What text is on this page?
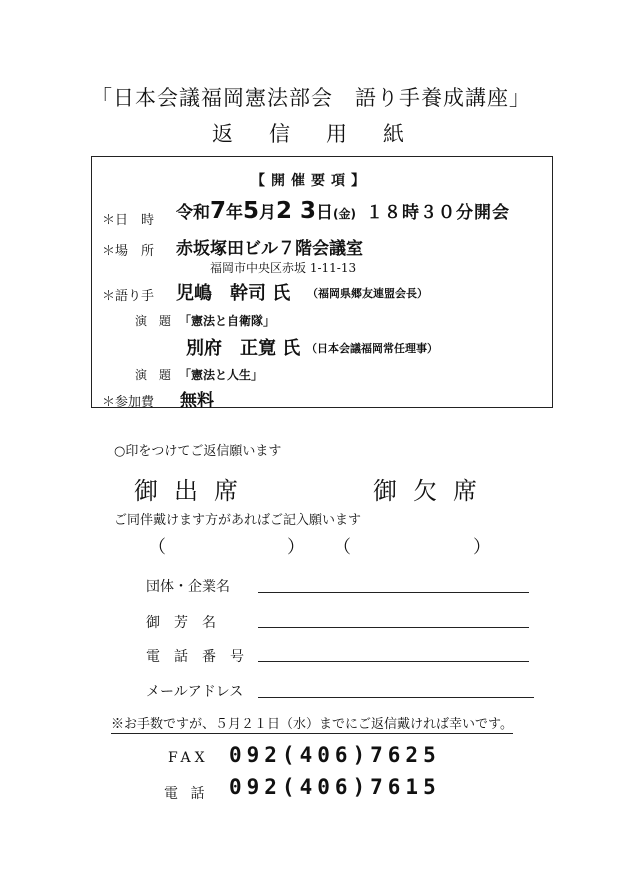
「日本会議福岡憲法部会　語り手養成講座」
返信用紙
【開催要項】
＊日　時 令和 7 年 5 月 2 3 日 (金) １８時３０分開会
＊場　所 赤坂塚田ビル７階会議室
福岡市中央区赤坂 1-11-13
＊語り手 児嶋　幹司 氏 （福岡県郷友連盟会長）
演　題 「憲法と自衛隊」
別府　正寛 氏 （日本会議福岡常任理事）
演　題 「憲法と人生」
＊参加費 無料
○印をつけてご返信願います
御出席	御欠席
ご同伴戴けます方があればご記入願います
（	） （	）
団体・企業名
御　芳　名
電　話　番　号
メールアドレス
※お手数ですが、５月２１日（水）までにご返信戴ければ幸いです。
FAX 092(406)7625
電 話 092(406)7615
